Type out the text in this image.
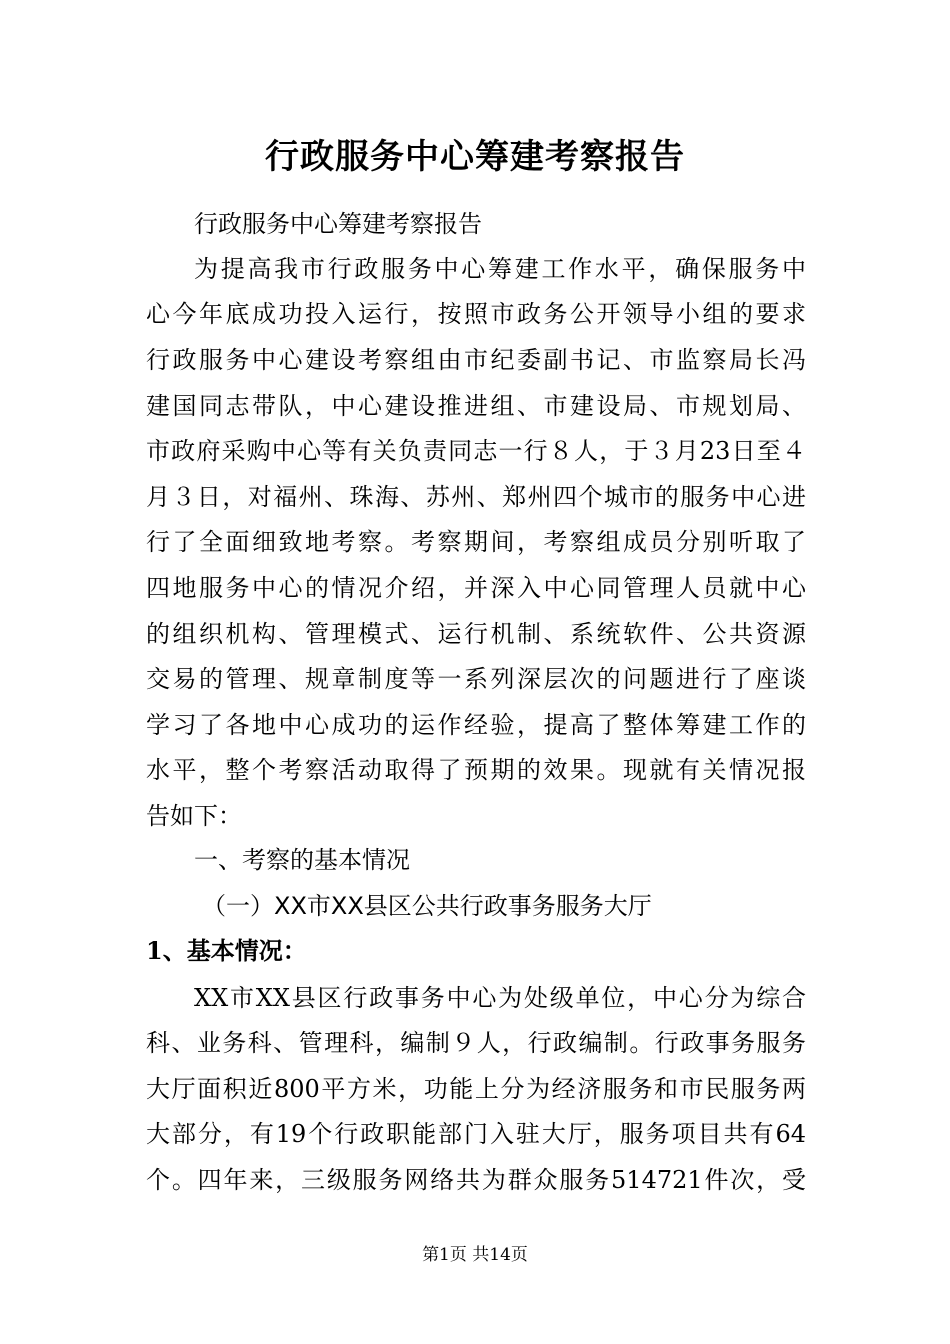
行政服务中心筹建考察报告
行政服务中心筹建考察报告
为提高我市行政服务中心筹建工作水平，确保服务中
心今年底成功投入运行，按照市政务公开领导小组的要求
行政服务中心建设考察组由市纪委副书记、市监察局长冯
建国同志带队，中心建设推进组、市建设局、市规划局、
市政府采购中心等有关负责同志一行８人，于３月23日至４
月３日，对福州、珠海、苏州、郑州四个城市的服务中心进
行了全面细致地考察。考察期间，考察组成员分别听取了
四地服务中心的情况介绍，并深入中心同管理人员就中心
的组织机构、管理模式、运行机制、系统软件、公共资源
交易的管理、规章制度等一系列深层次的问题进行了座谈
学习了各地中心成功的运作经验，提高了整体筹建工作的
水平，整个考察活动取得了预期的效果。现就有关情况报
告如下：
一、考察的基本情况
（一）XX市XX县区公共行政事务服务大厅
1、基本情况：
XX市XX县区行政事务中心为处级单位，中心分为综合
科、业务科、管理科，编制９人，行政编制。行政事务服务
大厅面积近800平方米，功能上分为经济服务和市民服务两
大部分，有19个行政职能部门入驻大厅，服务项目共有64
个。四年来，三级服务网络共为群众服务514721件次，受
第1页 共14页
